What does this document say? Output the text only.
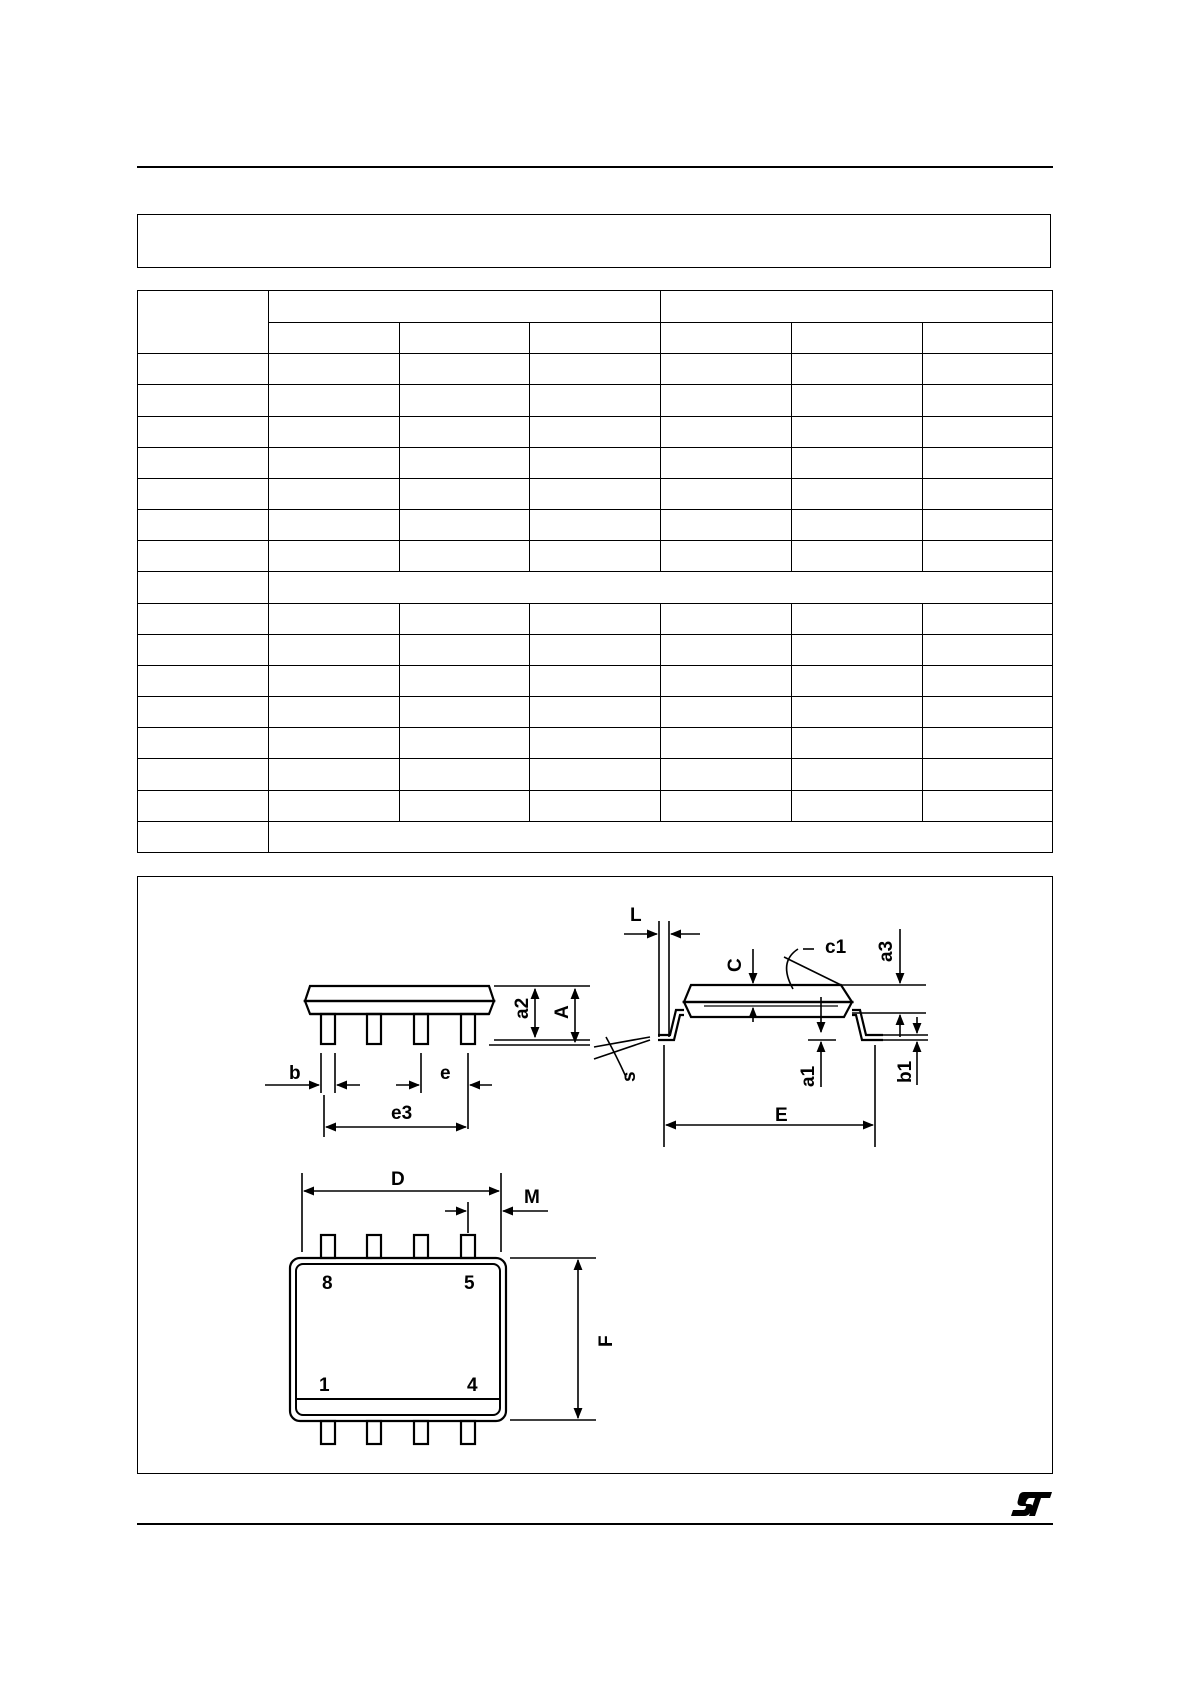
a2 A
b	e
e3
L
C
c1 a3
s	a1	b1
E
D
M
F
8	5
1	4
